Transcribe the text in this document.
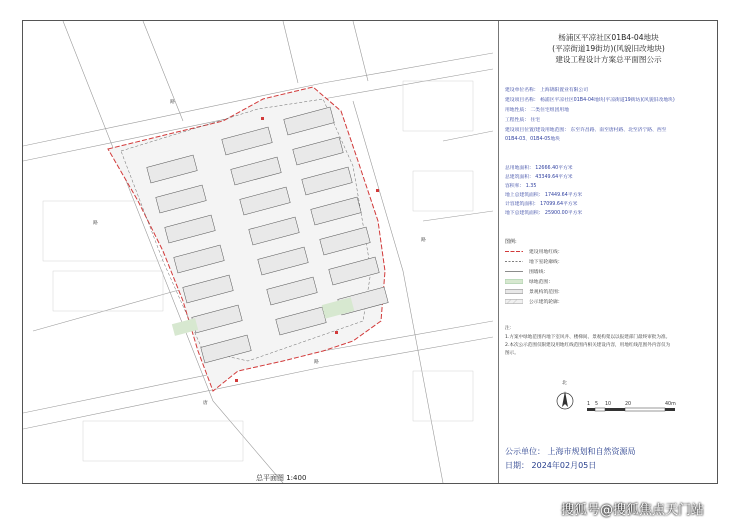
路
唐
路
路
路
总平面图 1:400
杨浦区平凉社区01B4-04地块
(平凉街道19街坊)(风貌旧改地块)
建设工程设计方案总平面图公示
建设单位名称： 上海锦阳置业有限公司
建设项目名称： 杨浦区平凉社区01B4-04地块(平凉街道19街坊)(风貌旧改地块)
用地性质： 二类住宅组团用地
工程性质： 住宅
建设项目位置/建设用地范围： 东至许昌路、南至唐村路、北至济宁路、西至
01B4-03、01B4-05地块
总用地面积： 12666.40平方米
总建筑面积： 43349.64平方米
容积率： 1.35
地上总建筑面积： 17449.64平方米
计容建筑面积： 17099.64平方米
地下总建筑面积： 25900.00平方米
图例:
建设用地红线：
地下室轮廓线：
围墙线：
绿地范围：
景观构筑范围：
公示建筑轮廓：
注：
1.方案中绿地范围内地下室风井、楼梯间、景观构架以以报建部门最终审批为准。
2.本次公示范围仅限建设用地红线范围内相关建设内容，用地红线范围外内容仅为
图示。
北
1 5 10	20	40m
公示单位： 上海市规划和自然资源局
日期： 2024年02月05日
搜狐号@搜狐焦点天门站
